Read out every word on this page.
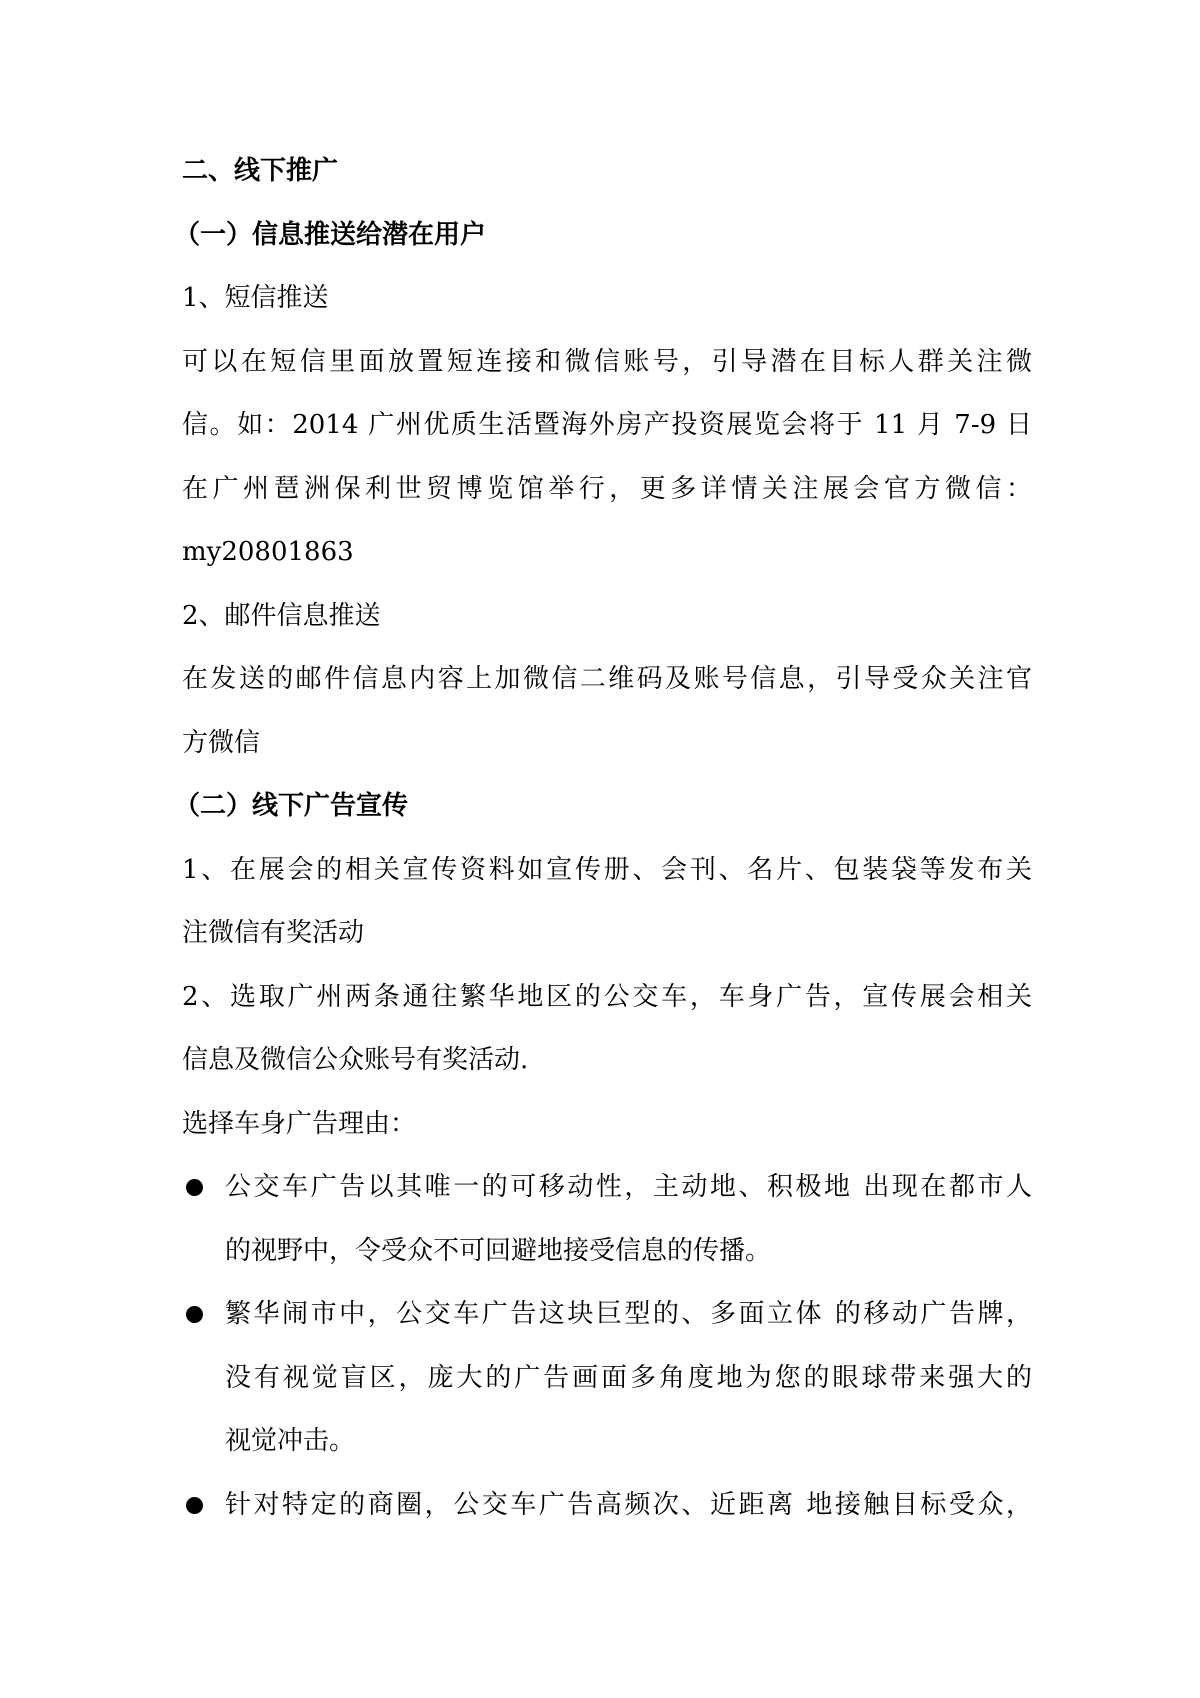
二、线下推广
（一）信息推送给潜在用户
1、短信推送
可以在短信里面放置短连接和微信账号，引导潜在目标人群关注微
信。如：2014 广州优质生活暨海外房产投资展览会将于 11 月 7-9 日
在广州琶洲保利世贸博览馆举行，更多详情关注展会官方微信：
my20801863
2、邮件信息推送
在发送的邮件信息内容上加微信二维码及账号信息，引导受众关注官
方微信
（二）线下广告宣传
1、在展会的相关宣传资料如宣传册、会刊、名片、包装袋等发布关
注微信有奖活动
2、选取广州两条通往繁华地区的公交车，车身广告，宣传展会相关
信息及微信公众账号有奖活动.
选择车身广告理由：
公交车广告以其唯一的可移动性，主动地、积极地 出现在都市人
的视野中，令受众不可回避地接受信息的传播。
繁华闹市中，公交车广告这块巨型的、多面立体 的移动广告牌，
没有视觉盲区，庞大的广告画面多角度地为您的眼球带来强大的
视觉冲击。
针对特定的商圈，公交车广告高频次、近距离 地接触目标受众，
